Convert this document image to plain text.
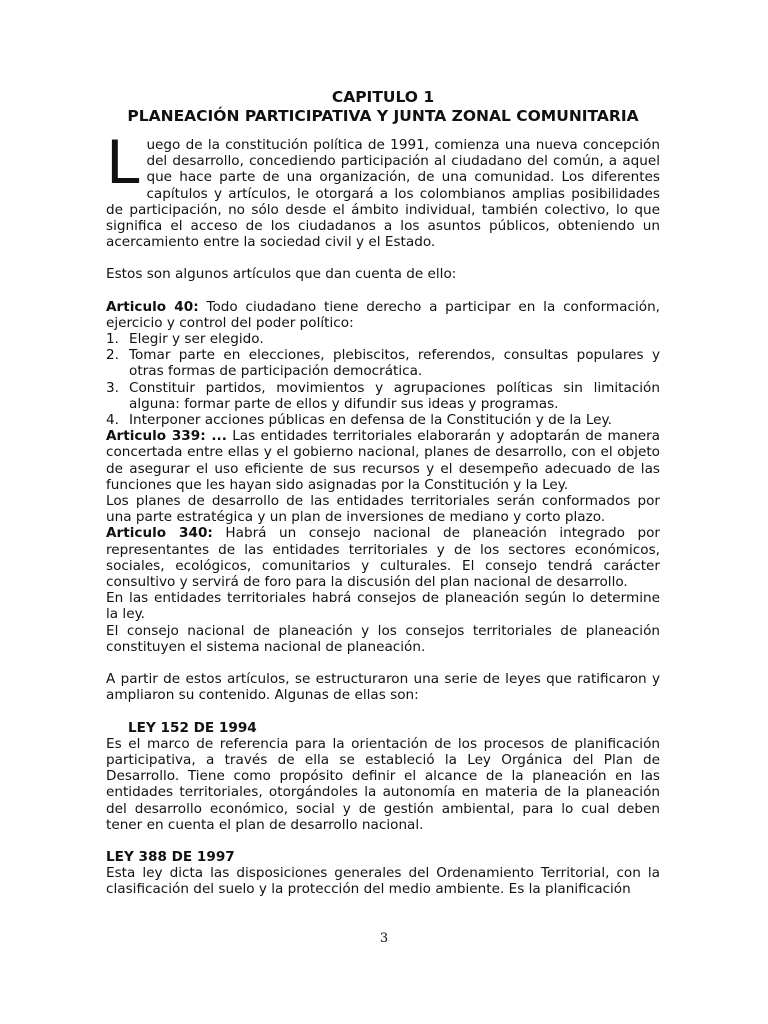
CAPITULO 1

PLANEACIÓN PARTICIPATIVA Y JUNTA ZONAL COMUNITARIA

L uego de la constitución política de 1991, comienza una nueva concepción del desarrollo, concediendo participación al ciudadano del común, a aquel que hace parte de una organización, de una comunidad. Los diferentes capítulos y artículos, le otorgará a los colombianos amplias posibilidades de participación, no sólo desde el ámbito individual, también colectivo, lo que significa el acceso de los ciudadanos a los asuntos públicos, obteniendo un acercamiento entre la sociedad civil y el Estado.

Estos son algunos artículos que dan cuenta de ello:

Articulo 40: Todo ciudadano tiene derecho a participar en la conformación, ejercicio y control del poder político:

1. Elegir y ser elegido.
2. Tomar parte en elecciones, plebiscitos, referendos, consultas populares y otras formas de participación democrática.
3. Constituir partidos, movimientos y agrupaciones políticas sin limitación alguna: formar parte de ellos y difundir sus ideas y programas.
4. Interponer acciones públicas en defensa de la Constitución y de la Ley.

Articulo 339: ... Las entidades territoriales elaborarán y adoptarán de manera concertada entre ellas y el gobierno nacional, planes de desarrollo, con el objeto de asegurar el uso eficiente de sus recursos y el desempeño adecuado de las funciones que les hayan sido asignadas por la Constitución y la Ley.

Los planes de desarrollo de las entidades territoriales serán conformados por una parte estratégica y un plan de inversiones de mediano y corto plazo.

Articulo 340: Habrá un consejo nacional de planeación integrado por representantes de las entidades territoriales y de los sectores económicos, sociales, ecológicos, comunitarios y culturales. El consejo tendrá carácter consultivo y servirá de foro para la discusión del plan nacional de desarrollo.

En las entidades territoriales habrá consejos de planeación según lo determine la ley.

El consejo nacional de planeación y los consejos territoriales de planeación constituyen el sistema nacional de planeación.

A partir de estos artículos, se estructuraron una serie de leyes que ratificaron y ampliaron su contenido. Algunas de ellas son:

LEY 152 DE 1994

Es el marco de referencia para la orientación de los procesos de planificación participativa, a través de ella se estableció la Ley Orgánica del Plan de Desarrollo. Tiene como propósito definir el alcance de la planeación en las entidades territoriales, otorgándoles la autonomía en materia de la planeación del desarrollo económico, social y de gestión ambiental, para lo cual deben tener en cuenta el plan de desarrollo nacional.

LEY 388 DE 1997

Esta ley dicta las disposiciones generales del Ordenamiento Territorial, con la clasificación del suelo y la protección del medio ambiente. Es la planificación

3
